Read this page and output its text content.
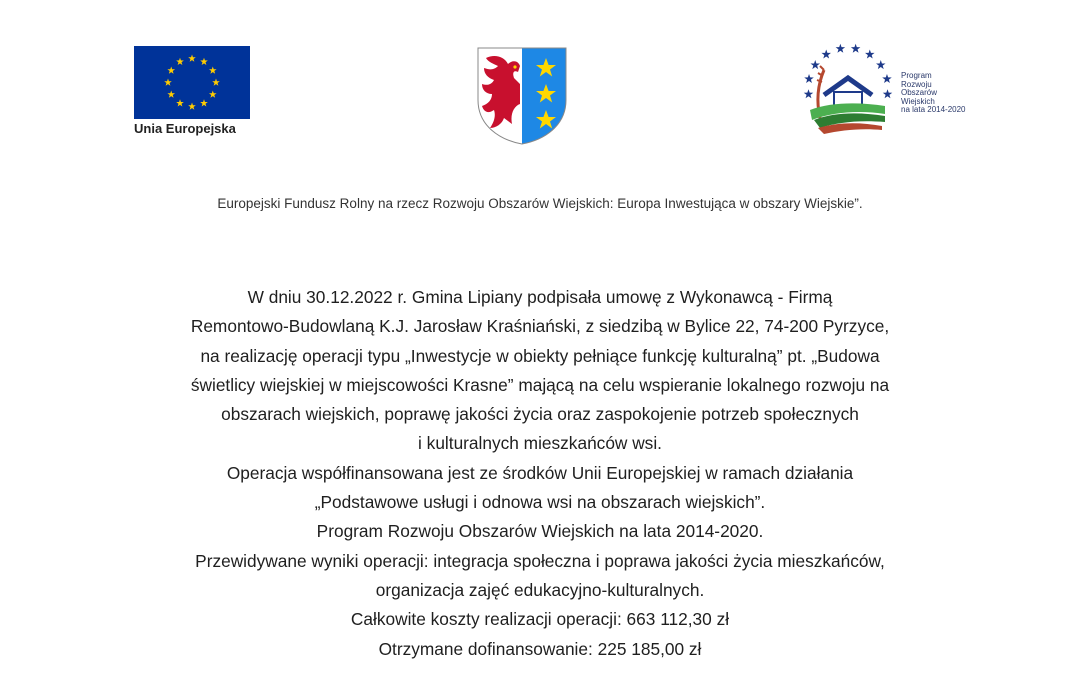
Unia Europejska
Program
Rozwoju
Obszarów
Wiejskich
na lata 2014-2020
Europejski Fundusz Rolny na rzecz Rozwoju Obszarów Wiejskich: Europa Inwestująca w obszary Wiejskie”.
W dniu 30.12.2022 r. Gmina Lipiany podpisała umowę z Wykonawcą - Firmą
Remontowo-Budowlaną K.J. Jarosław Kraśniański, z siedzibą w Bylice 22, 74-200 Pyrzyce,
na realizację operacji typu „Inwestycje w obiekty pełniące funkcję kulturalną” pt. „Budowa
świetlicy wiejskiej w miejscowości Krasne” mającą na celu wspieranie lokalnego rozwoju na
obszarach wiejskich, poprawę jakości życia oraz zaspokojenie potrzeb społecznych
i kulturalnych mieszkańców wsi.
Operacja współfinansowana jest ze środków Unii Europejskiej w ramach działania
„Podstawowe usługi i odnowa wsi na obszarach wiejskich”.
Program Rozwoju Obszarów Wiejskich na lata 2014-2020.
Przewidywane wyniki operacji: integracja społeczna i poprawa jakości życia mieszkańców,
organizacja zajęć edukacyjno-kulturalnych.
Całkowite koszty realizacji operacji: 663 112,30 zł
Otrzymane dofinansowanie: 225 185,00 zł
